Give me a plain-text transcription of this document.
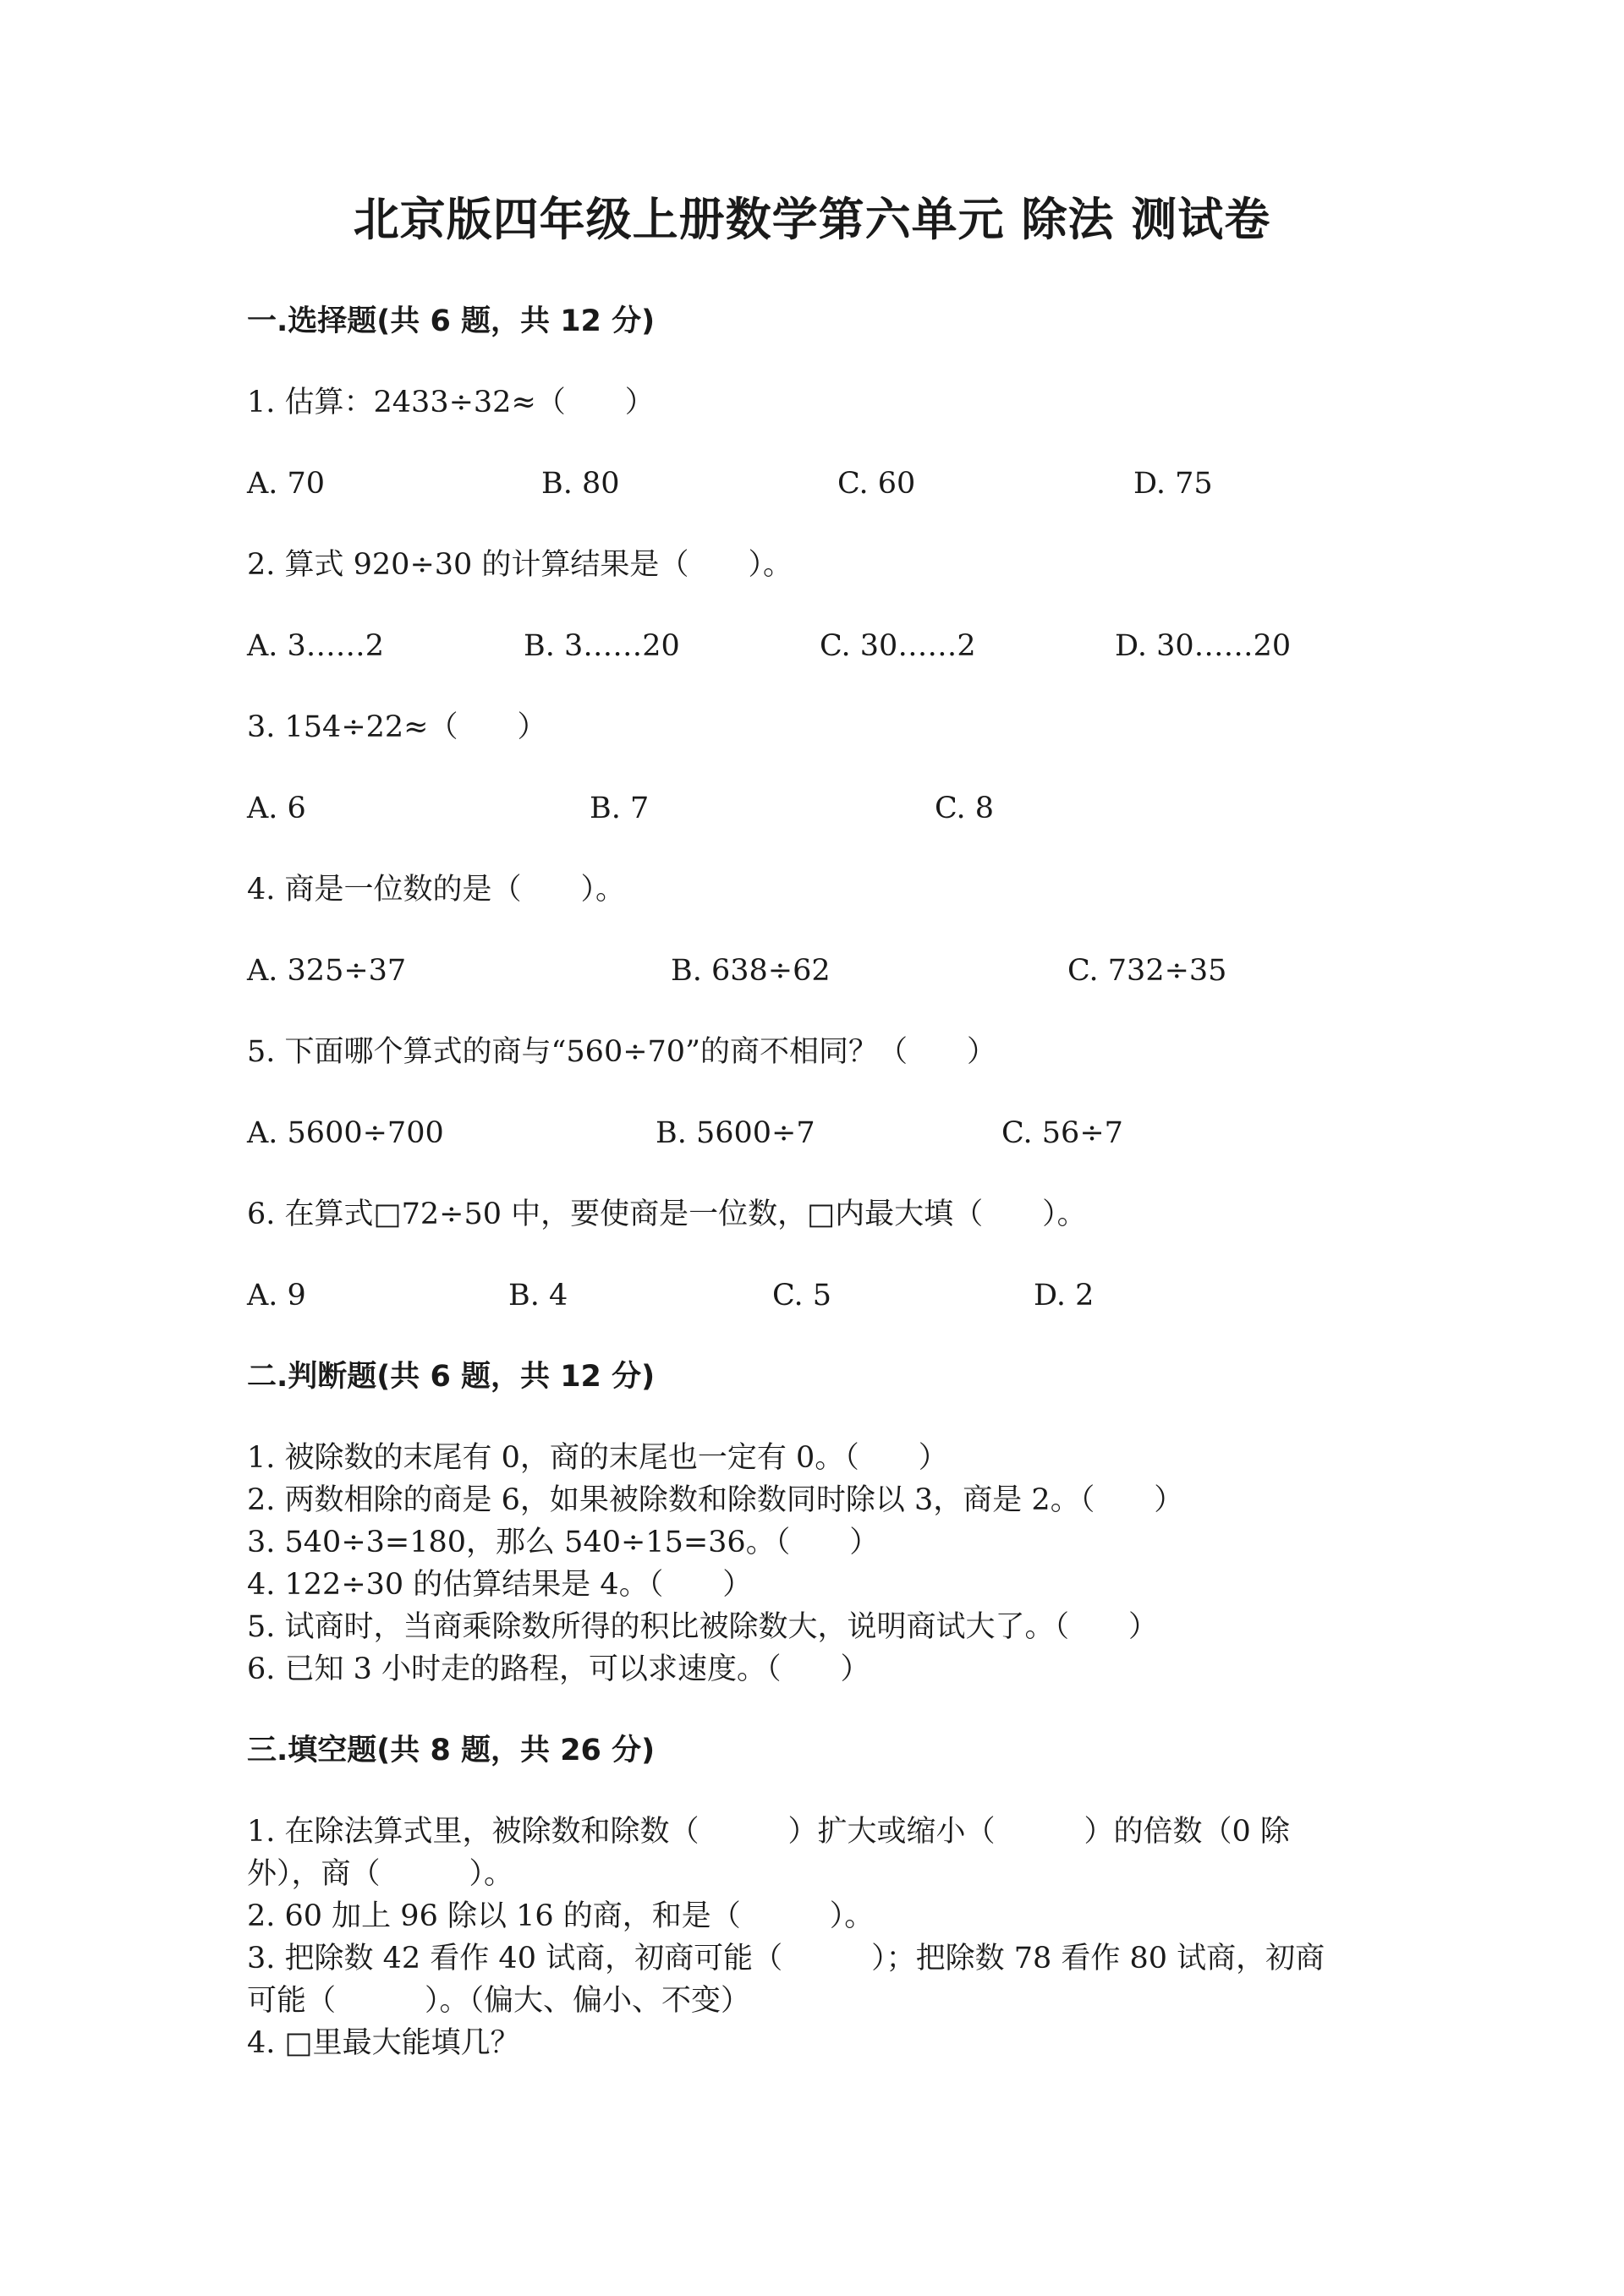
北京版四年级上册数学第六单元 除法 测试卷
一.选择题(共 6 题，共 12 分)
1. 估算：2433÷32≈（　　）
A. 70	B. 80	C. 60	D. 75
2. 算式 920÷30 的计算结果是（　　）。
A. 3……2	B. 3……20	C. 30……2	D. 30……20
3. 154÷22≈（　　）
A. 6	B. 7	C. 8
4. 商是一位数的是（　　）。
A. 325÷37	B. 638÷62	C. 732÷35
5. 下面哪个算式的商与“560÷70”的商不相同？（　　）
A. 5600÷700	B. 5600÷7	C. 56÷7
6. 在算式□72÷50 中，要使商是一位数，□内最大填（　　）。
A. 9	B. 4	C. 5	D. 2
二.判断题(共 6 题，共 12 分)
1. 被除数的末尾有 0，商的末尾也一定有 0。（　　）
2. 两数相除的商是 6，如果被除数和除数同时除以 3，商是 2。（　　）
3. 540÷3=180，那么 540÷15=36。（　　）
4. 122÷30 的估算结果是 4。（　　）
5. 试商时，当商乘除数所得的积比被除数大，说明商试大了。（　　）
6. 已知 3 小时走的路程，可以求速度。（　　）
三.填空题(共 8 题，共 26 分)
1. 在除法算式里，被除数和除数（　　　）扩大或缩小（　　　）的倍数（0 除
外），商（　　　）。
2. 60 加上 96 除以 16 的商，和是（　　　）。
3. 把除数 42 看作 40 试商，初商可能（　　　）；把除数 78 看作 80 试商，初商
可能（　　　）。（偏大、偏小、不变）
4. □里最大能填几？
